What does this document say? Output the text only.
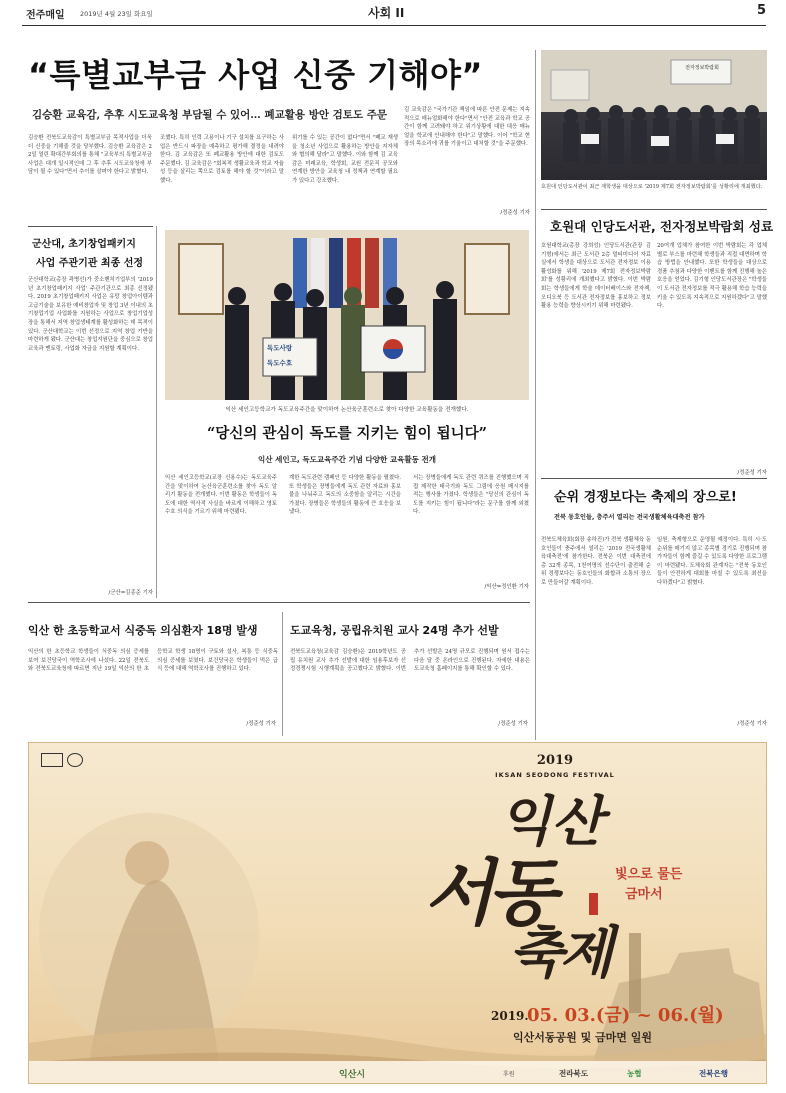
전주매일 2019년 4월 23일 화요일	사회 II	5
“특별교부금 사업 신중 기해야”
김승환 교육감, 추후 시도교육청 부담될 수 있어… 폐교활용 방안 검토도 주문
김승환 전북도교육감이 특별교부금 목적사업을 더욱 더 신중을 기해줄 것을 당부했다. 김승환 교육감은 22일 열린 확대간부회의를 통해 "교육부의 특별교부금 사업은 대개 일시적인데 그 후 추후 시도교육청에 부담이 될 수 있다"면서 추이를 살펴야 한다고 밝혔다.
조했다. 특히 인력 고용이나 기구 설치를 요구하는 사업은 반드시 파장을 예측하고 평가해 결정을 내려야 한다. 김 교육감은 또 폐교활용 방안에 대한 검토도 주문했다. 김 교육감은 "회복적 생활교육과 학교 자율성 등을 살리는 쪽으로 검토를 해야 할 것"이라고 말했다.
위기를 수 있는 공간이 없다"면서 "폐교 재생을 청소년 사업으로 활용하는 방안을 지자체와 협의해 달라"고 말했다. 이와 함께 김 교육감은 미래교육, 학생회, 교원 전문직 공모와 연계한 방안을 교육청 내 정책과 연계할 필요가 있다고 강조했다.
김 교육감은 "국가기관 책임에 따른 안전 문제는 지속적으로 매뉴얼화해야 한다"면서 "안전 교육과 학교 공간이 함께 고려돼야 하고 위기상황에 대한 대응 매뉴얼을 학교에 안내해야 한다"고 말했다. 이어 "학교 현장의 목소리에 귀를 기울이고 대처할 것"을 주문했다.
/정준성 기자
전자정보박람회
호원대 인당도서관이 최근 재학생을 대상으로 '2019 제7회 전자정보박람회'를 성황리에 개최했다.
호원대 인당도서관, 전자정보박람회 성료
호원대학교(총장 강희성) 인당도서관(관장 김기형)에서는 최근 도서관 2층 멀티미디어 자료실에서 학생을 대상으로 도서관 전자정보 이용 활성화를 위해 '2019 제7회 전자정보박람회'를 성황리에 개최했다고 밝혔다. 이번 박람회는 학생들에게 학술 데이터베이스와 전자책, 오디오북 등 도서관 전자정보를 홍보하고 정보 활용 능력을 향상시키기 위해 마련됐다.
20여개 업체가 참여한 이번 박람회는 각 업체별로 부스를 마련해 학생들과 직접 대면하며 학습 방법을 안내했다. 또한 학생들을 대상으로 경품 추첨과 다양한 이벤트를 함께 진행해 높은 호응을 얻었다. 김기형 인당도서관장은 "학생들이 도서관 전자정보를 적극 활용해 학습 능력을 키울 수 있도록 지속적으로 지원하겠다"고 말했다.
/정준성 기자
순위 경쟁보다는 축제의 장으로!
전북 동호인들, 충주서 열리는 전국생활체육대축전 참가
전북도체육회(회장 송하진)가 전북 생활체육 동호인들이 충주에서 열리는 '2019 전국생활체육대축전'에 참가한다. 전북은 이번 대축전에 총 32개 종목, 1천여명의 선수단이 출전해 순위 경쟁보다는 동호인들의 화합과 소통의 장으로 만들어갈 계획이다.
임원, 축제형으로 운영될 예정이다. 특히 시·도 순위를 매기지 않고 종목별 경기로 진행되며 참가자들이 함께 즐길 수 있도록 다양한 프로그램이 마련됐다. 도체육회 관계자는 "전북 동호인들이 안전하게 대회를 마칠 수 있도록 최선을 다하겠다"고 밝혔다.
/정준성 기자
군산대, 초기창업패키지
사업 주관기관 최종 선정
군산대학교(총장 곽병선)가 중소벤처기업부의 '2019년 초기창업패키지 사업' 주관기관으로 최종 선정됐다. 2019 초기창업패키지 사업은 유망 창업아이템과 고급기술을 보유한 예비창업자 및 창업 3년 이내의 초기창업기업 사업화를 지원하는 사업으로 창업기업성장을 통해서 지역 창업생태계를 활성화하는 데 목적이 있다. 군산대학교는 이번 선정으로 지역 창업 기반을 마련하게 됐다. 군산대는 창업지원단을 중심으로 창업 교육과 멘토링, 사업화 자금을 지원할 계획이다.
/군산=김종준 기자
독도사랑
독도수호
익산 세인고등학교가 독도교육주간을 맞이하여 논산육군훈련소로 찾아 다양한 교육활동을 전개했다.
“당신의 관심이 독도를 지키는 힘이 됩니다”
익산 세인고, 독도교육주간 기념 다양한 교육활동 전개
익산 세인고등학교(교장 신용수)는 독도교육주간을 맞이하여 논산육군훈련소를 찾아 독도 알리기 활동을 전개했다. 이번 활동은 학생들이 독도에 대한 역사적 사실을 바르게 이해하고 영토 수호 의식을 기르기 위해 마련됐다.
계한 독도관련 캠페인 등 다양한 활동을 펼쳤다. 또 학생들은 장병들에게 독도 관련 자료와 홍보물을 나눠주고 독도의 소중함을 알리는 시간을 가졌다. 장병들은 학생들의 활동에 큰 호응을 보냈다.
서는 장병들에게 독도 관련 퀴즈를 진행했으며 직접 제작한 태극기와 독도 그림에 응원 메시지를 적는 행사를 가졌다. 학생들은 "당신의 관심이 독도를 지키는 힘이 됩니다"라는 문구를 함께 외쳤다.
/익산=정인환 기자
익산 한 초등학교서 식중독 의심환자 18명 발생
익산의 한 초등학교 학생들이 식중독 의심 증세를 보여 보건당국이 역학조사에 나섰다. 22일 전북도와 전북도교육청에 따르면 지난 19일 익산의 한 초등학교 학생 18명이 구토와 설사, 복통 등 식중독 의심 증세를 보였다. 보건당국은 학생들이 먹은 급식 등에 대해 역학조사를 진행하고 있다.
/정준성 기자
도교육청, 공립유치원 교사 24명 추가 선발
전북도교육청(교육감 김승환)은 2019학년도 공립 유치원 교사 추가 선발에 대한 임용후보자 선정경쟁시험 시행계획을 공고했다고 밝혔다. 이번 추가 선발은 24명 규모로 진행되며 원서 접수는 다음 달 중 온라인으로 진행된다. 자세한 내용은 도교육청 홈페이지를 통해 확인할 수 있다.
/정준성 기자
2019
IKSAN SEODONG FESTIVAL
익산
서동
축제
빛으로 물든
금마서
2019.
05. 03.(금) ~ 06.(월)
익산서동공원 및 금마면 일원
익산시	후원	전라북도	농협	전북은행
